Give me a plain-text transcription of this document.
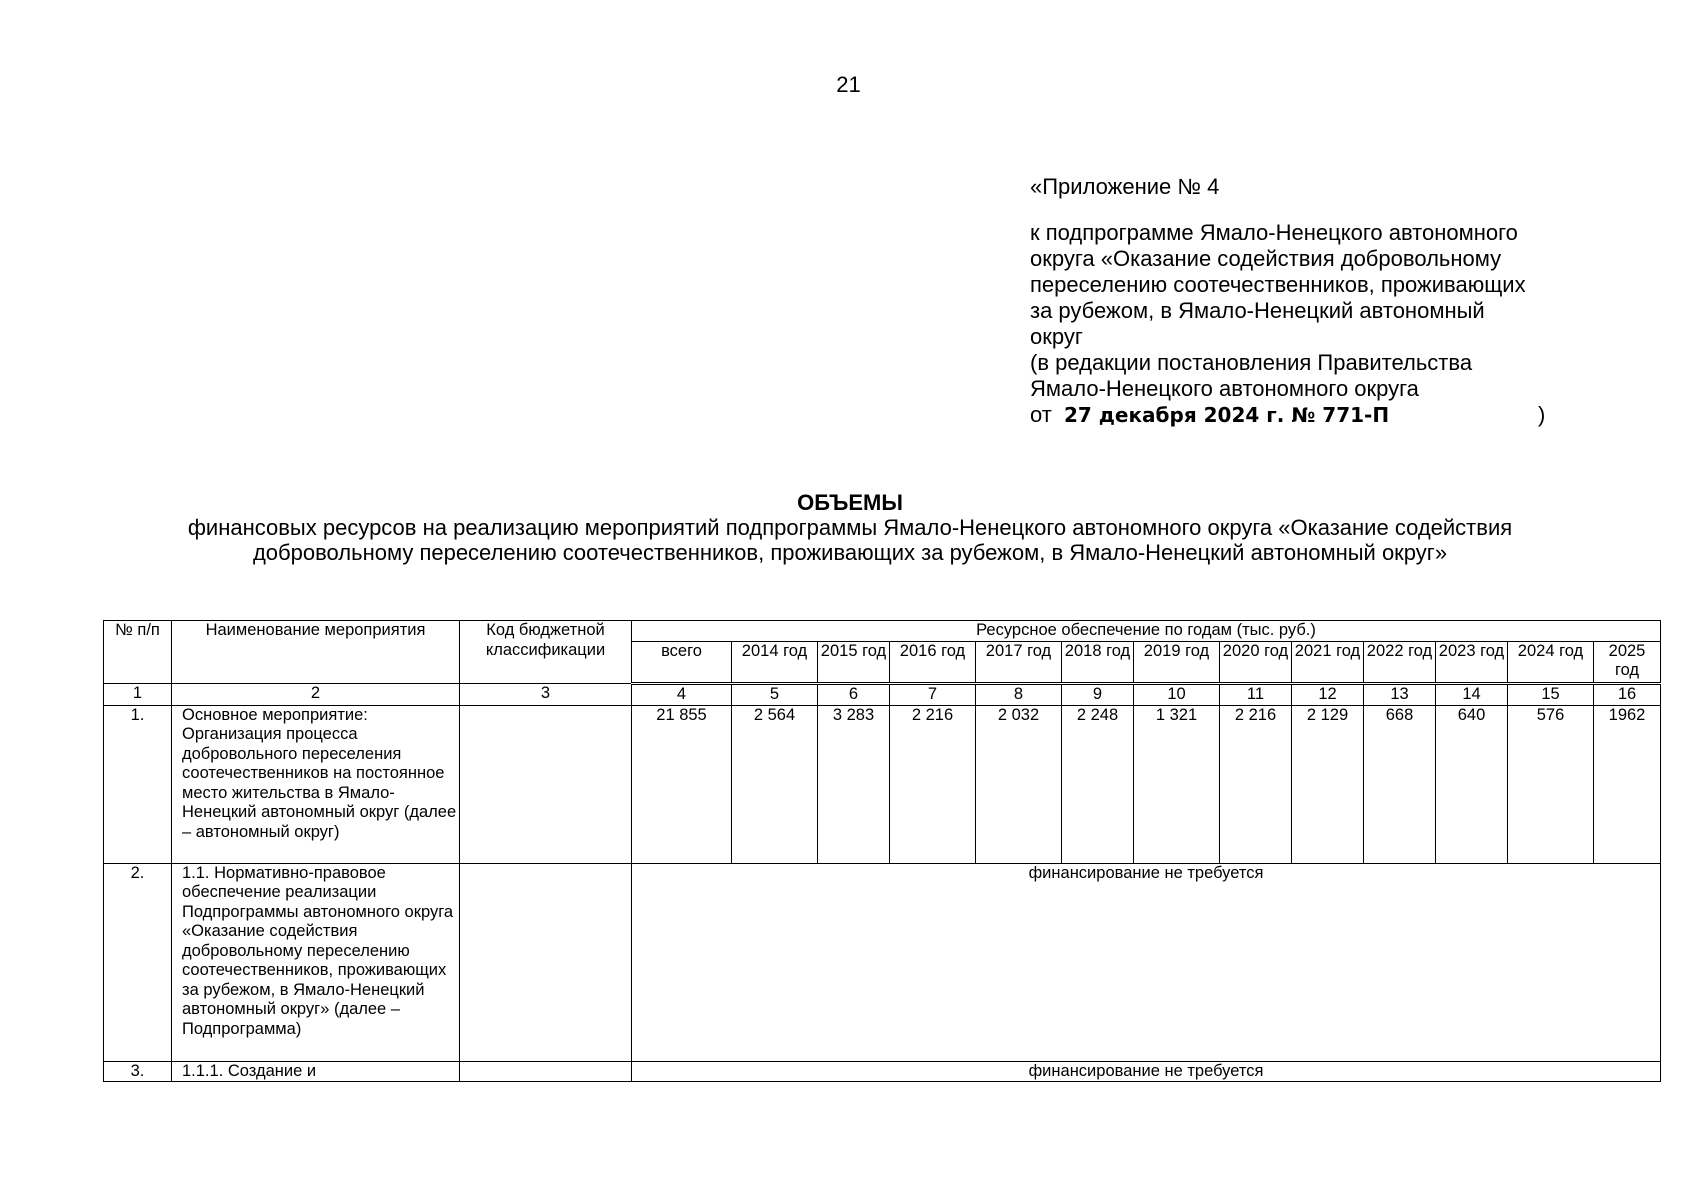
21
«Приложение № 4
к подпрограмме Ямало-Ненецкого автономного
округа «Оказание содействия добровольному
переселению соотечественников, проживающих
за рубежом, в Ямало-Ненецкий автономный
округ
(в редакции постановления Правительства
Ямало-Ненецкого автономного округа
от 27 декабря 2024 г. № 771-П	)
ОБЪЕМЫ
финансовых ресурсов на реализацию мероприятий подпрограммы Ямало-Ненецкого автономного округа «Оказание содействия
добровольному переселению соотечественников, проживающих за рубежом, в Ямало-Ненецкий автономный округ»
№ п/п	Наименование мероприятия	Код бюджетной классификации	Ресурсное обеспечение по годам (тыс. руб.)												
			всего	2014 год	2015 год	2016 год	2017 год	2018 год	2019 год	2020 год	2021 год	2022 год	2023 год	2024 год	2025 год
1	2	3	4	5	6	7	8	9	10	11	12	13	14	15	16
1.	Основное мероприятие: Организация процесса добровольного переселения соотечественников на постоянное место жительства в Ямало-Ненецкий автономный округ (далее – автономный округ)		21 855	2 564	3 283	2 216	2 032	2 248	1 321	2 216	2 129	668	640	576	1962
2.	1.1. Нормативно-правовое обеспечение реализации Подпрограммы автономного округа «Оказание содействия добровольному переселению соотечественников, проживающих за рубежом, в Ямало-Ненецкий автономный округ» (далее – Подпрограмма)		финансирование не требуется												
3.	1.1.1. Создание и		финансирование не требуется												
